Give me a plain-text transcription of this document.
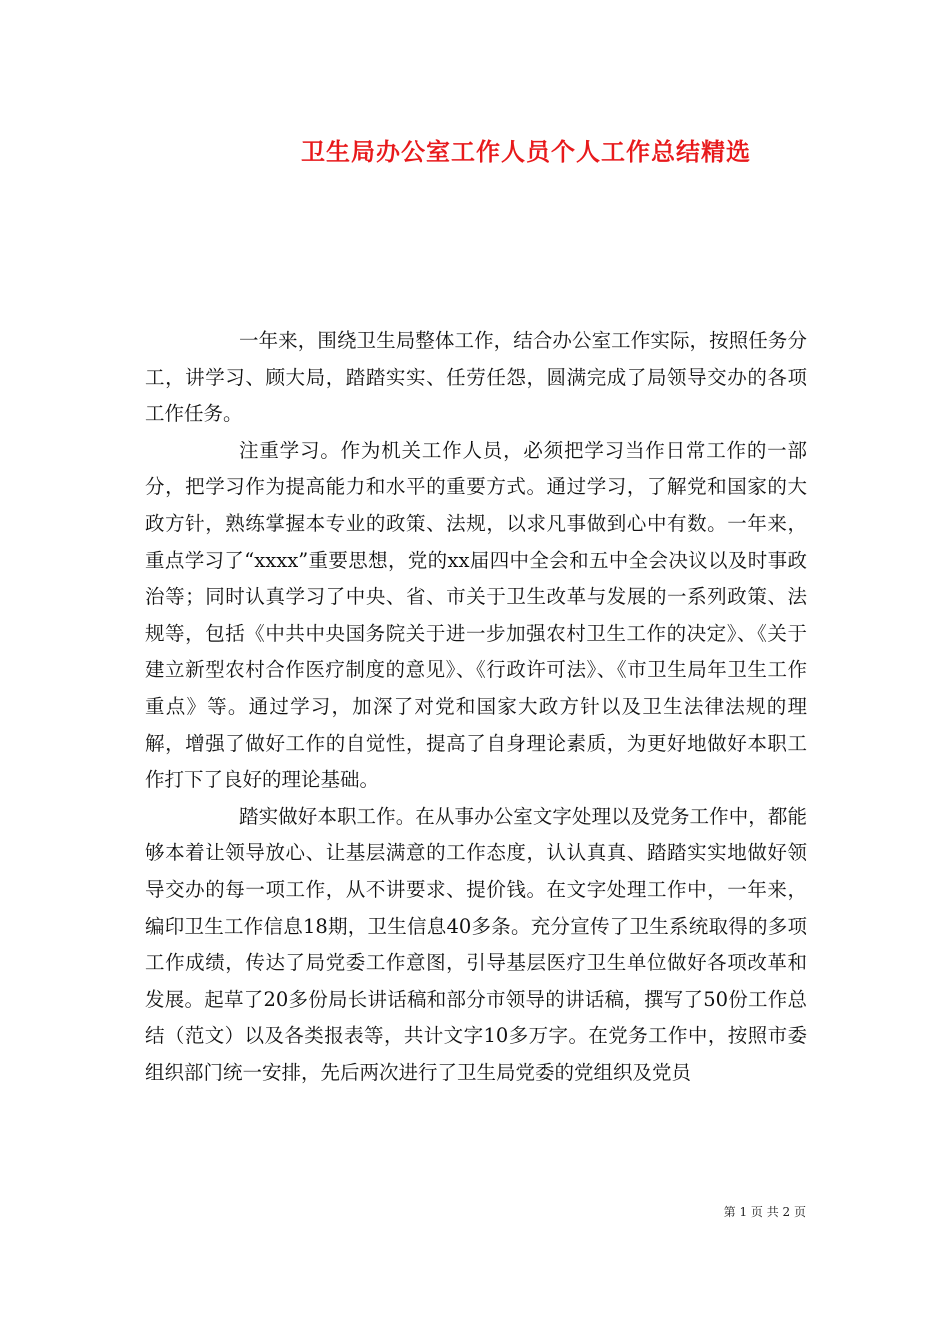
卫生局办公室工作人员个人工作总结精选

一年来，围绕卫生局整体工作，结合办公室工作实际，按照任务分工，讲学习、顾大局，踏踏实实、任劳任怨，圆满完成了局领导交办的各项工作任务。

注重学习。作为机关工作人员，必须把学习当作日常工作的一部分，把学习作为提高能力和水平的重要方式。通过学习，了解党和国家的大政方针，熟练掌握本专业的政策、法规，以求凡事做到心中有数。一年来，重点学习了“xxxx”重要思想，党的xx届四中全会和五中全会决议以及时事政治等；同时认真学习了中央、省、市关于卫生改革与发展的一系列政策、法规等，包括《中共中央国务院关于进一步加强农村卫生工作的决定》、《关于建立新型农村合作医疗制度的意见》、《行政许可法》、《市卫生局年卫生工作重点》等。通过学习，加深了对党和国家大政方针以及卫生法律法规的理解，增强了做好工作的自觉性，提高了自身理论素质，为更好地做好本职工作打下了良好的理论基础。

踏实做好本职工作。在从事办公室文字处理以及党务工作中，都能够本着让领导放心、让基层满意的工作态度，认认真真、踏踏实实地做好领导交办的每一项工作，从不讲要求、提价钱。在文字处理工作中，一年来，编印卫生工作信息18期，卫生信息40多条。充分宣传了卫生系统取得的多项工作成绩，传达了局党委工作意图，引导基层医疗卫生单位做好各项改革和发展。起草了20多份局长讲话稿和部分市领导的讲话稿，撰写了50份工作总结（范文）以及各类报表等，共计文字10多万字。在党务工作中，按照市委组织部门统一安排，先后两次进行了卫生局党委的党组织及党员

第 1 页 共 2 页
